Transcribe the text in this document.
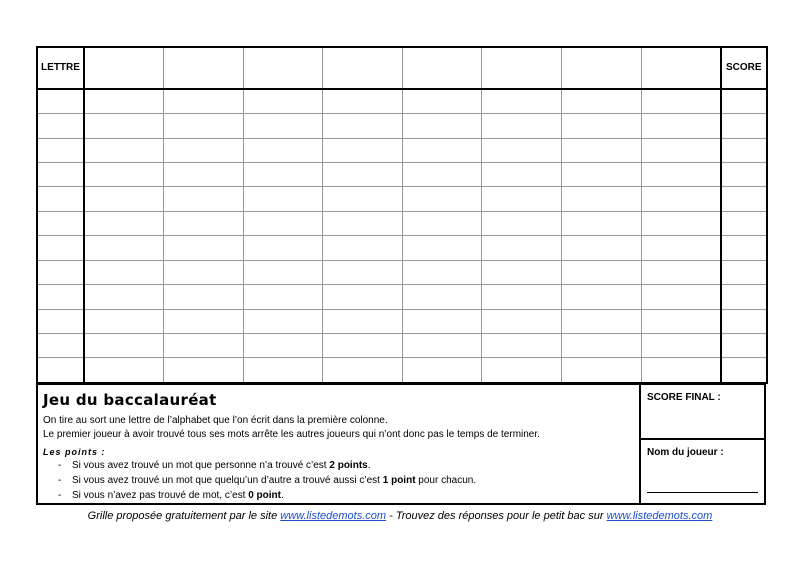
LETTRE									SCORE

Jeu du baccalauréat
On tire au sort une lettre de l’alphabet que l’on écrit dans la première colonne.
Le premier joueur à avoir trouvé tous ses mots arrête les autres joueurs qui n’ont donc pas le temps de terminer.
Les points :
- Si vous avez trouvé un mot que personne n’a trouvé c’est 2 points.
- Si vous avez trouvé un mot que quelqu’un d’autre a trouvé aussi c’est 1 point pour chacun.
- Si vous n’avez pas trouvé de mot, c’est 0 point.
SCORE FINAL :
Nom du joueur :
Grille proposée gratuitement par le site www.listedemots.com - Trouvez des réponses pour le petit bac sur www.listedemots.com
